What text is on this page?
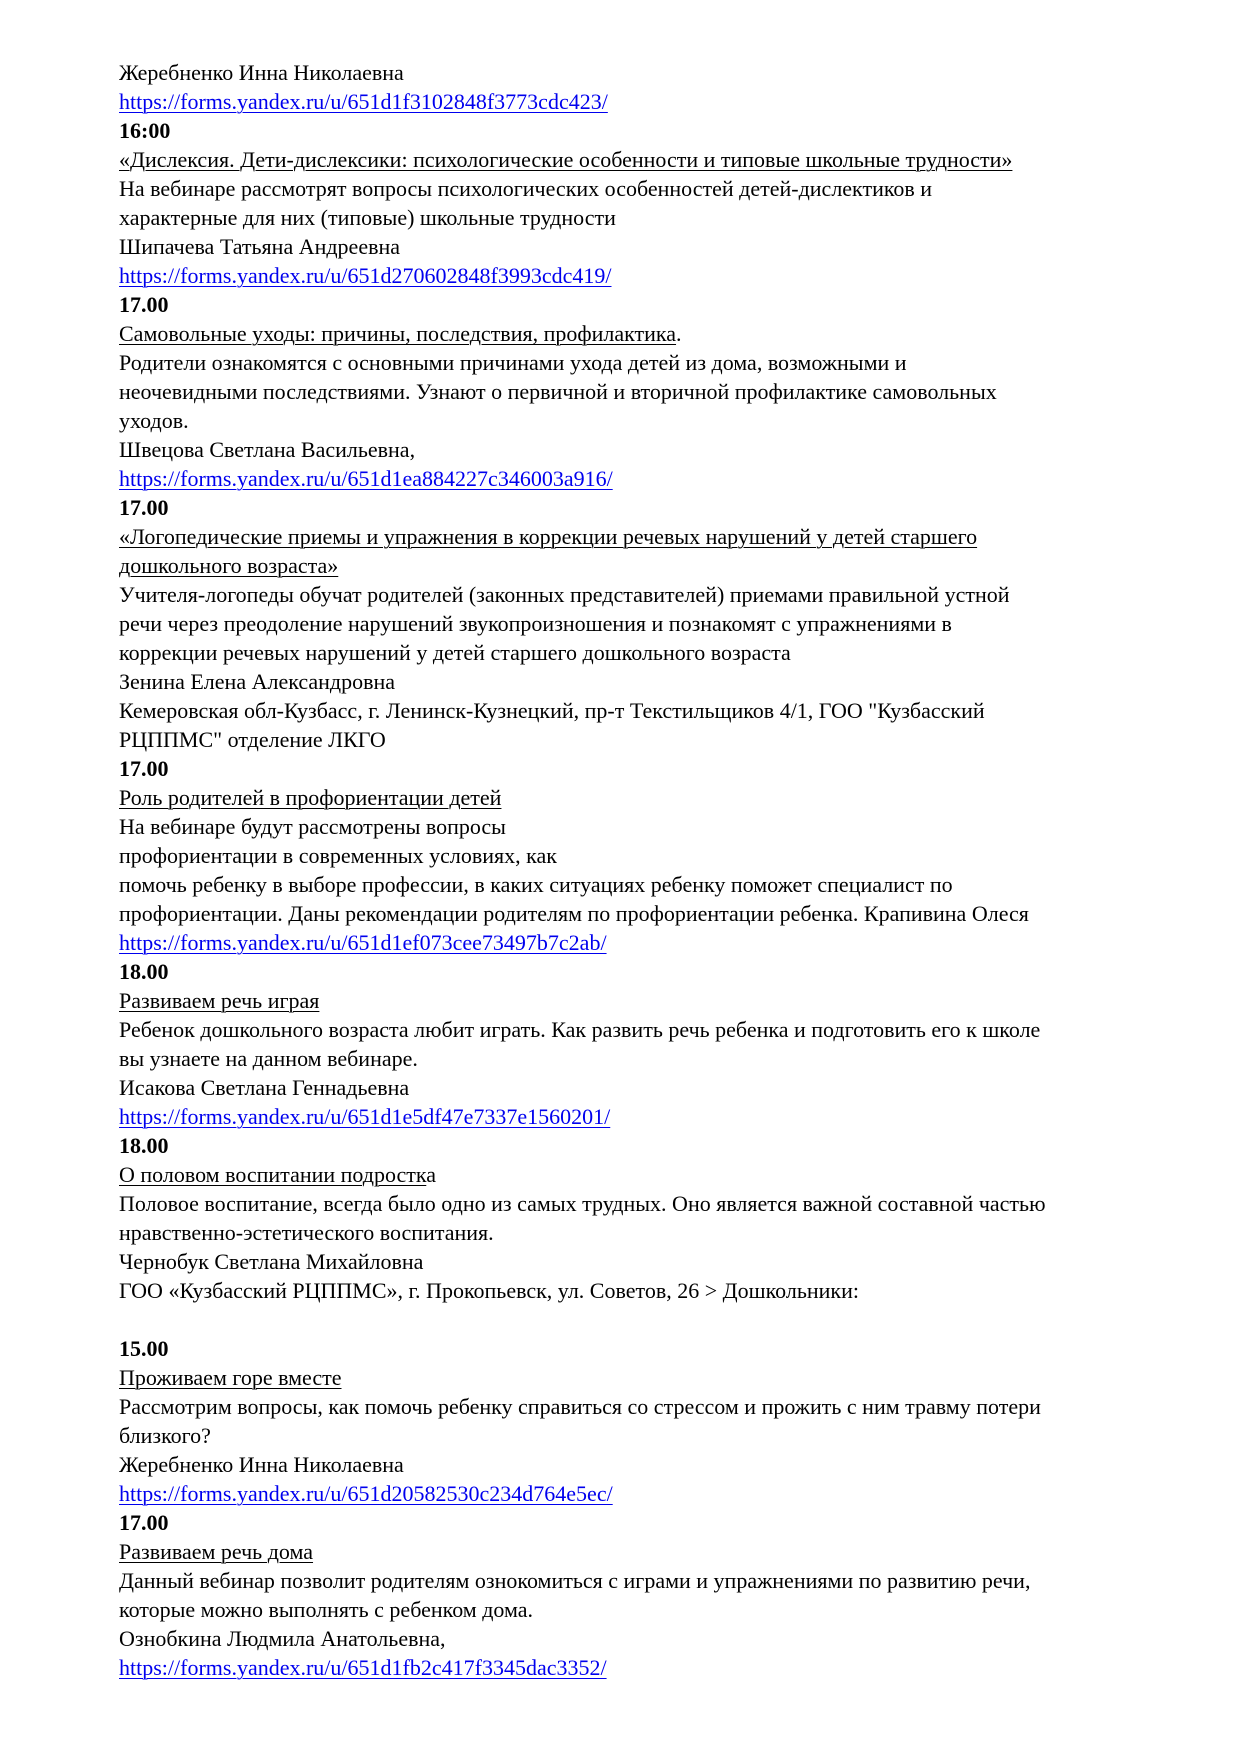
Жеребненко Инна Николаевна
https://forms.yandex.ru/u/651d1f3102848f3773cdc423/
16:00
«Дислексия. Дети-дислексики: психологические особенности и типовые школьные трудности»
На вебинаре рассмотрят вопросы психологических особенностей детей-дислектиков и
характерные для них (типовые) школьные трудности
Шипачева Татьяна Андреевна
https://forms.yandex.ru/u/651d270602848f3993cdc419/
17.00
Самовольные уходы: причины, последствия, профилактика.
Родители ознакомятся с основными причинами ухода детей из дома, возможными и
неочевидными последствиями. Узнают о первичной и вторичной профилактике самовольных
уходов.
Швецова Светлана Васильевна,
https://forms.yandex.ru/u/651d1ea884227c346003a916/
17.00
«Логопедические приемы и упражнения в коррекции речевых нарушений у детей старшего
дошкольного возраста»
Учителя-логопеды обучат родителей (законных представителей) приемами правильной устной
речи через преодоление нарушений звукопроизношения и познакомят с упражнениями в
коррекции речевых нарушений у детей старшего дошкольного возраста
Зенина Елена Александровна
Кемеровская обл-Кузбасс, г. Ленинск-Кузнецкий, пр-т Текстильщиков 4/1, ГОО "Кузбасский
РЦППМС" отделение ЛКГО
17.00
Роль родителей в профориентации детей
На вебинаре будут рассмотрены вопросы
профориентации в современных условиях, как
помочь ребенку в выборе профессии, в каких ситуациях ребенку поможет специалист по
профориентации. Даны рекомендации родителям по профориентации ребенка. Крапивина Олеся
https://forms.yandex.ru/u/651d1ef073cee73497b7c2ab/
18.00
Развиваем речь играя
Ребенок дошкольного возраста любит играть. Как развить речь ребенка и подготовить его к школе
вы узнаете на данном вебинаре.
Исакова Светлана Геннадьевна
https://forms.yandex.ru/u/651d1e5df47e7337e1560201/
18.00
О половом воспитании подростка
Половое воспитание, всегда было одно из самых трудных. Оно является важной составной частью
нравственно-эстетического воспитания.
Чернобук Светлана Михайловна
ГОО «Кузбасский РЦППМС», г. Прокопьевск, ул. Советов, 26 > Дошкольники:
15.00
Проживаем горе вместе
Рассмотрим вопросы, как помочь ребенку справиться со стрессом и прожить с ним травму потери
близкого?
Жеребненко Инна Николаевна
https://forms.yandex.ru/u/651d20582530c234d764e5ec/
17.00
Развиваем речь дома
Данный вебинар позволит родителям ознокомиться с играми и упражнениями по развитию речи,
которые можно выполнять с ребенком дома.
Ознобкина Людмила Анатольевна,
https://forms.yandex.ru/u/651d1fb2c417f3345dac3352/
